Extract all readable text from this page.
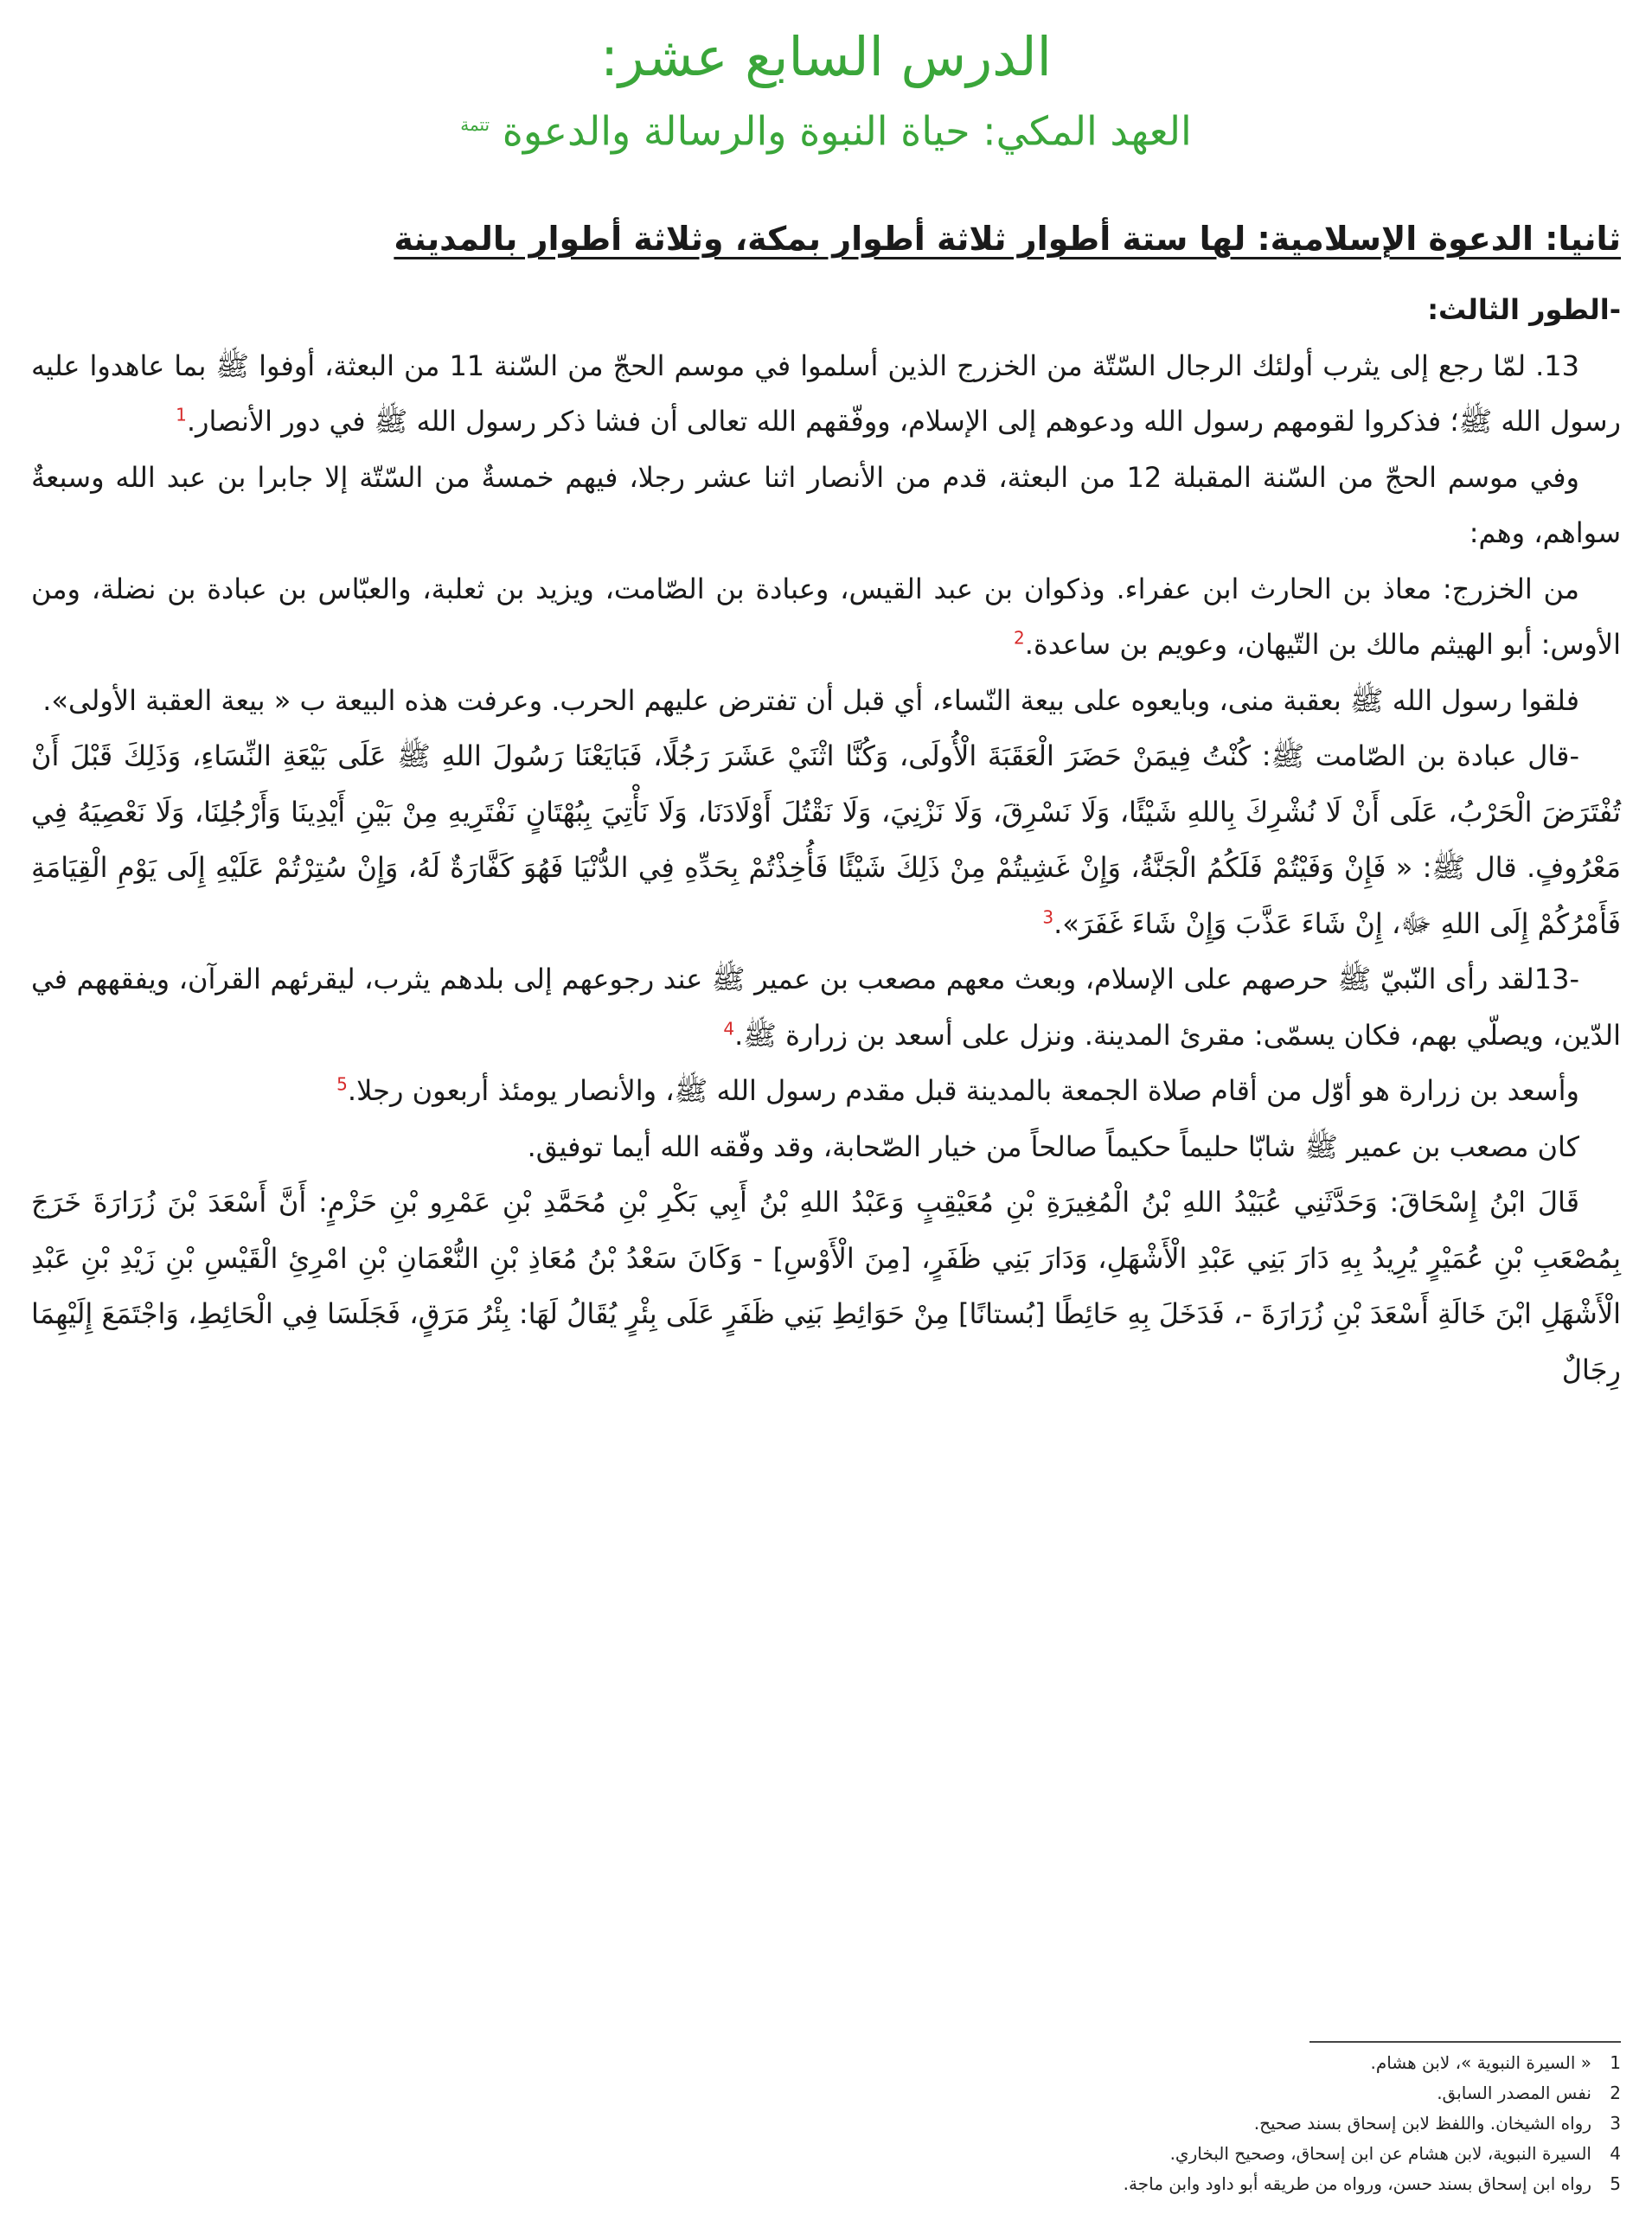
الدرس السابع عشر:
العهد المكي: حياة النبوة والرسالة والدعوة $^{تتمة}$
ثانيا: الدعوة الإسلامية: لها ستة أطوار ثلاثة أطوار بمكة، وثلاثة أطوار بالمدينة

-الطور الثالث:

13. لمّا رجع إلى يثرب أولئك الرجال السّتّة من الخزرج الذين أسلموا في موسم الحجّ من السّنة 11 من البعثة، أوفوا ﷺ بما عاهدوا عليه رسول الله ﷺ؛ فذكروا لقومهم رسول الله ودعوهم إلى الإسلام، ووفّقهم الله تعالى أن فشا ذكر رسول الله ﷺ في دور الأنصار.$^1$

وفي موسم الحجّ من السّنة المقبلة 12 من البعثة، قدم من الأنصار اثنا عشر رجلا، فيهم خمسةٌ من السّتّة إلا جابرا بن عبد الله وسبعةٌ سواهم، وهم:

من الخزرج: معاذ بن الحارث ابن عفراء. وذكوان بن عبد القيس، وعبادة بن الصّامت، ويزيد بن ثعلبة، والعبّاس بن عبادة بن نضلة، ومن الأوس: أبو الهيثم مالك بن التّيهان، وعويم بن ساعدة.$^2$

فلقوا رسول الله ﷺ بعقبة منى، وبايعوه على بيعة النّساء، أي قبل أن تفترض عليهم الحرب. وعرفت هذه البيعة ب « بيعة العقبة الأولى».

-قال عبادة بن الصّامت ﷺ: كُنْتُ فِيمَنْ حَضَرَ الْعَقَبَةَ الْأُولَى، وَكُنَّا اثْنَيْ عَشَرَ رَجُلًا، فَبَايَعْنَا رَسُولَ اللهِ ﷺ عَلَى بَيْعَةِ النِّسَاءِ، وَذَلِكَ قَبْلَ أَنْ تُفْتَرَضَ الْحَرْبُ، عَلَى أَنْ لَا نُشْرِكَ بِاللهِ شَيْئًا، وَلَا نَسْرِقَ، وَلَا نَزْنِيَ، وَلَا نَقْتُلَ أَوْلَادَنَا، وَلَا نَأْتِيَ بِبُهْتَانٍ نَفْتَرِيهِ مِنْ بَيْنِ أَيْدِينَا وَأَرْجُلِنَا، وَلَا نَعْصِيَهُ فِي مَعْرُوفٍ. قال ﷺ: « فَإِنْ وَفَيْتُمْ فَلَكُمُ الْجَنَّةُ، وَإِنْ غَشِيتُمْ مِنْ ذَلِكَ شَيْئًا فَأُخِذْتُمْ بِحَدِّهِ فِي الدُّنْيَا فَهُوَ كَفَّارَةٌ لَهُ، وَإِنْ سُتِرْتُمْ عَلَيْهِ إِلَى يَوْمِ الْقِيَامَةِ فَأَمْرُكُمْ إِلَى اللهِ ﷻ، إِنْ شَاءَ عَذَّبَ وَإِنْ شَاءَ غَفَرَ».$^3$

-13لقد رأى النّبيّ ﷺ حرصهم على الإسلام، وبعث معهم مصعب بن عمير ﷺ عند رجوعهم إلى بلدهم يثرب، ليقرئهم القرآن، ويفقههم في الدّين، ويصلّي بهم، فكان يسمّى: مقرئ المدينة. ونزل على أسعد بن زرارة ﷺ.$^4$

وأسعد بن زرارة هو أوّل من أقام صلاة الجمعة بالمدينة قبل مقدم رسول الله ﷺ، والأنصار يومئذ أربعون رجلا.$^5$

كان مصعب بن عمير ﷺ شابّا حليماً حكيماً صالحاً من خيار الصّحابة، وقد وفّقه الله أيما توفيق.

قَالَ ابْنُ إِسْحَاقَ: وَحَدَّثَنِي عُبَيْدُ اللهِ بْنُ الْمُغِيرَةِ بْنِ مُعَيْقِبٍ وَعَبْدُ اللهِ بْنُ أَبِي بَكْرِ بْنِ مُحَمَّدِ بْنِ عَمْرِو بْنِ حَزْمٍ: أَنَّ أَسْعَدَ بْنَ زُرَارَةَ خَرَجَ بِمُصْعَبِ بْنِ عُمَيْرٍ يُرِيدُ بِهِ دَارَ بَنِي عَبْدِ الْأَشْهَلِ، وَدَارَ بَنِي ظَفَرٍ، [مِنَ الْأَوْسِ] - وَكَانَ سَعْدُ بْنُ مُعَاذِ بْنِ النُّعْمَانِ بْنِ امْرِئِ الْقَيْسِ بْنِ زَيْدِ بْنِ عَبْدِ الْأَشْهَلِ ابْنَ خَالَةِ أَسْعَدَ بْنِ زُرَارَةَ -، فَدَخَلَ بِهِ حَائِطًا [بُستانًا] مِنْ حَوَائِطِ بَنِي ظَفَرٍ عَلَى بِئْرٍ يُقَالُ لَهَا: بِئْرُ مَرَقٍ، فَجَلَسَا فِي الْحَائِطِ، وَاجْتَمَعَ إِلَيْهِمَا رِجَالٌ

1« السيرة النبوية »، لابن هشام.

2نفس المصدر السابق.

3رواه الشيخان. واللفظ لابن إسحاق بسند صحيح.

4السيرة النبوية، لابن هشام عن ابن إسحاق، وصحيح البخاري.

5رواه ابن إسحاق بسند حسن، ورواه من طريقه أبو داود وابن ماجة.
